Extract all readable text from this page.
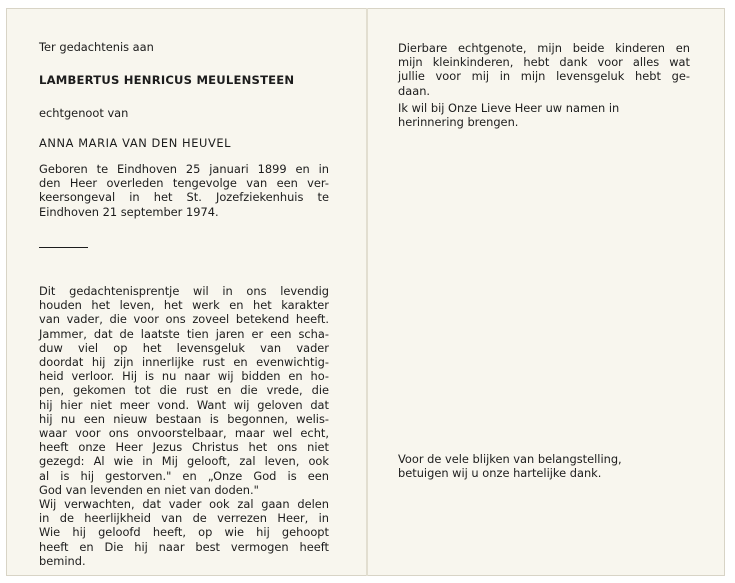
Ter gedachtenis aan

LAMBERTUS HENRICUS MEULENSTEEN

echtgenoot van

ANNA MARIA VAN DEN HEUVEL

Geboren te Eindhoven 25 januari 1899 en in
den Heer overleden tengevolge van een ver-
keersongeval in het St. Jozefziekenhuis te
Eindhoven 21 september 1974.
Dit gedachtenisprentje wil in ons levendig
houden het leven, het werk en het karakter
van vader, die voor ons zoveel betekend heeft.
Jammer, dat de laatste tien jaren er een scha-
duw viel op het levensgeluk van vader
doordat hij zijn innerlijke rust en evenwichtig-
heid verloor. Hij is nu naar wij bidden en ho-
pen, gekomen tot die rust en die vrede, die
hij hier niet meer vond. Want wij geloven dat
hij nu een nieuw bestaan is begonnen, welis-
waar voor ons onvoorstelbaar, maar wel echt,
heeft onze Heer Jezus Christus het ons niet
gezegd: Al wie in Mij gelooft, zal leven, ook
al is hij gestorven." en „Onze God is een
God van levenden en niet van doden."
Wij verwachten, dat vader ook zal gaan delen
in de heerlijkheid van de verrezen Heer, in
Wie hij geloofd heeft, op wie hij gehoopt
heeft en Die hij naar best vermogen heeft
bemind.
Dierbare echtgenote, mijn beide kinderen en
mijn kleinkinderen, hebt dank voor alles wat
jullie voor mij in mijn levensgeluk hebt ge-
daan.
Ik wil bij Onze Lieve Heer uw namen in
herinnering brengen.
Voor de vele blijken van belangstelling,
betuigen wij u onze hartelijke dank.
